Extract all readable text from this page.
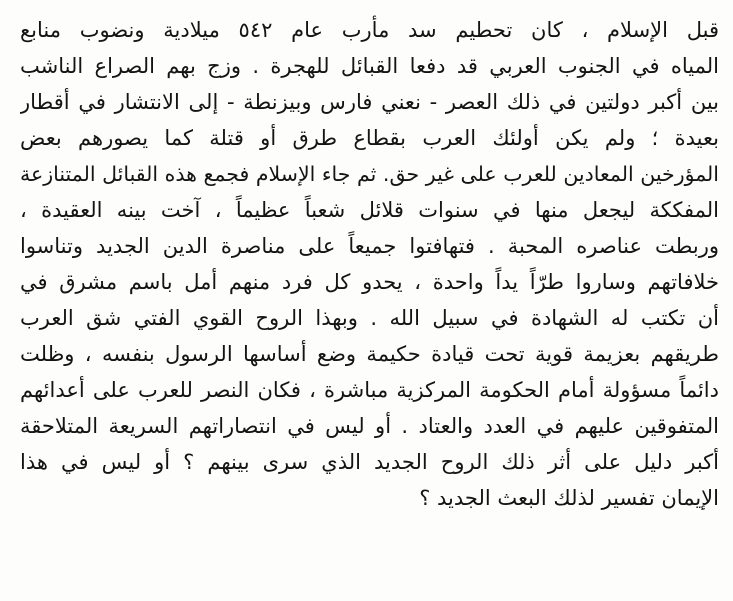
قبل الإسلام ، كان تحطيم سد مأرب عام ٥٤٢ ميلادية ونضوب منابع
المياه في الجنوب العربي قد دفعا القبائل للهجرة . وزج بهم الصراع الناشب
بين أكبر دولتين في ذلك العصر - نعني فارس وبيزنطة - إلى الانتشار في أقطار
بعيدة ؛ ولم يكن أولئك العرب بقطاع طرق أو قتلة كما يصورهم بعض
المؤرخين المعادين للعرب على غير حق. ثم جاء الإسلام فجمع هذه القبائل المتنازعة
المفككة ليجعل منها في سنوات قلائل شعباً عظيماً ، آخت بينه العقيدة ،
وربطت عناصره المحبة . فتهافتوا جميعاً على مناصرة الدين الجديد وتناسوا
خلافاتهم وساروا طرّاً يداً واحدة ، يحدو كل فرد منهم أمل باسم مشرق في
أن تكتب له الشهادة في سبيل الله . وبهذا الروح القوي الفتي شق العرب
طريقهم بعزيمة قوية تحت قيادة حكيمة وضع أساسها الرسول بنفسه ، وظلت
دائماً مسؤولة أمام الحكومة المركزية مباشرة ، فكان النصر للعرب على أعدائهم
المتفوقين عليهم في العدد والعتاد . أو ليس في انتصاراتهم السريعة المتلاحقة
أكبر دليل على أثر ذلك الروح الجديد الذي سرى بينهم ؟ أو ليس في هذا
الإيمان تفسير لذلك البعث الجديد ؟
